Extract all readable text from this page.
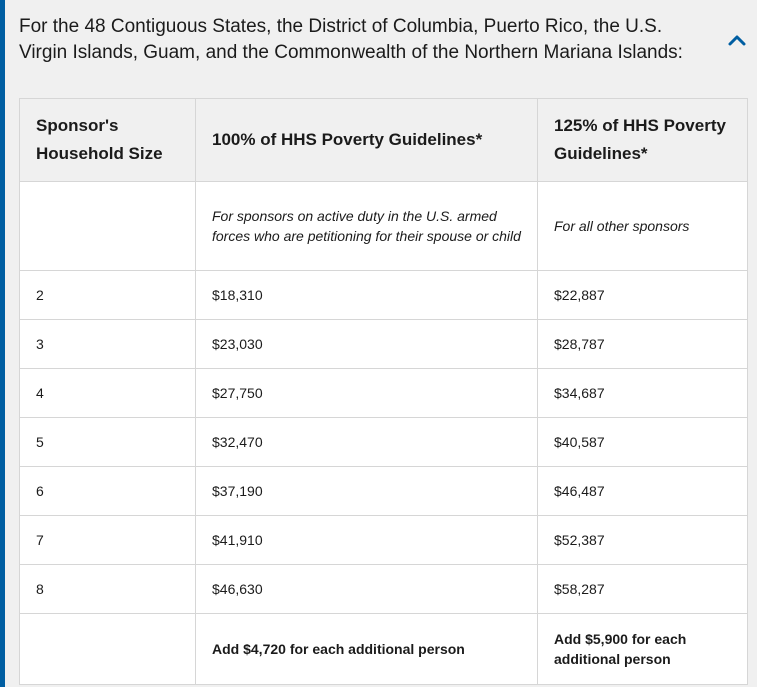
For the 48 Contiguous States, the District of Columbia, Puerto Rico, the U.S. Virgin Islands, Guam, and the Commonwealth of the Northern Mariana Islands:
Sponsor's Household Size	100% of HHS Poverty Guidelines*	125% of HHS Poverty Guidelines*
	For sponsors on active duty in the U.S. armed forces who are petitioning for their spouse or child	For all other sponsors
2	$18,310	$22,887
3	$23,030	$28,787
4	$27,750	$34,687
5	$32,470	$40,587
6	$37,190	$46,487
7	$41,910	$52,387
8	$46,630	$58,287
	Add $4,720 for each additional person	Add $5,900 for each additional person
